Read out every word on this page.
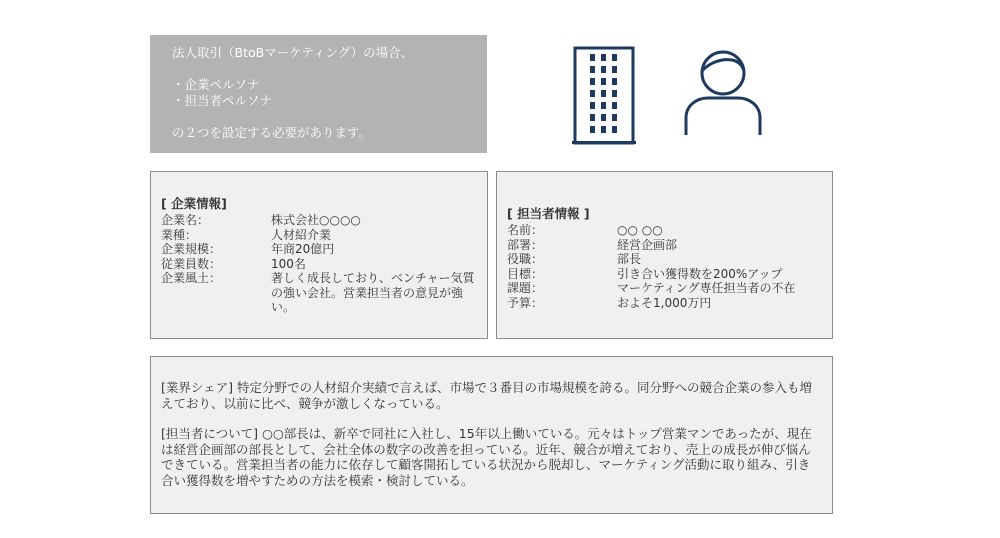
法人取引（BtoBマーケティング）の場合、
・企業ペルソナ
・担当者ペルソナ
の２つを設定する必要があります。
[ 企業情報]
企業名：	株式会社○○○○
業種：	人材紹介業
企業規模：	年商20億円
従業員数：	100名
企業風土：	著しく成長しており、ベンチャー気質の強い会社。営業担当者の意見が強い。
[ 担当者情報 ]
名前：	○○ ○○
部署：	経営企画部
役職：	部長
目標：	引き合い獲得数を200%アップ
課題：	マーケティング専任担当者の不在
予算：	およそ1,000万円
[業界シェア] 特定分野での人材紹介実績で言えば、市場で３番目の市場規模を誇る。同分野への競合企業の参入も増えており、以前に比べ、競争が激しくなっている。
[担当者について] ○○部長は、新卒で同社に入社し、15年以上働いている。元々はトップ営業マンであったが、現在は経営企画部の部長として、会社全体の数字の改善を担っている。近年、競合が増えており、売上の成長が伸び悩んできている。営業担当者の能力に依存して顧客開拓している状況から脱却し、マーケティング活動に取り組み、引き合い獲得数を増やすための方法を模索・検討している。
